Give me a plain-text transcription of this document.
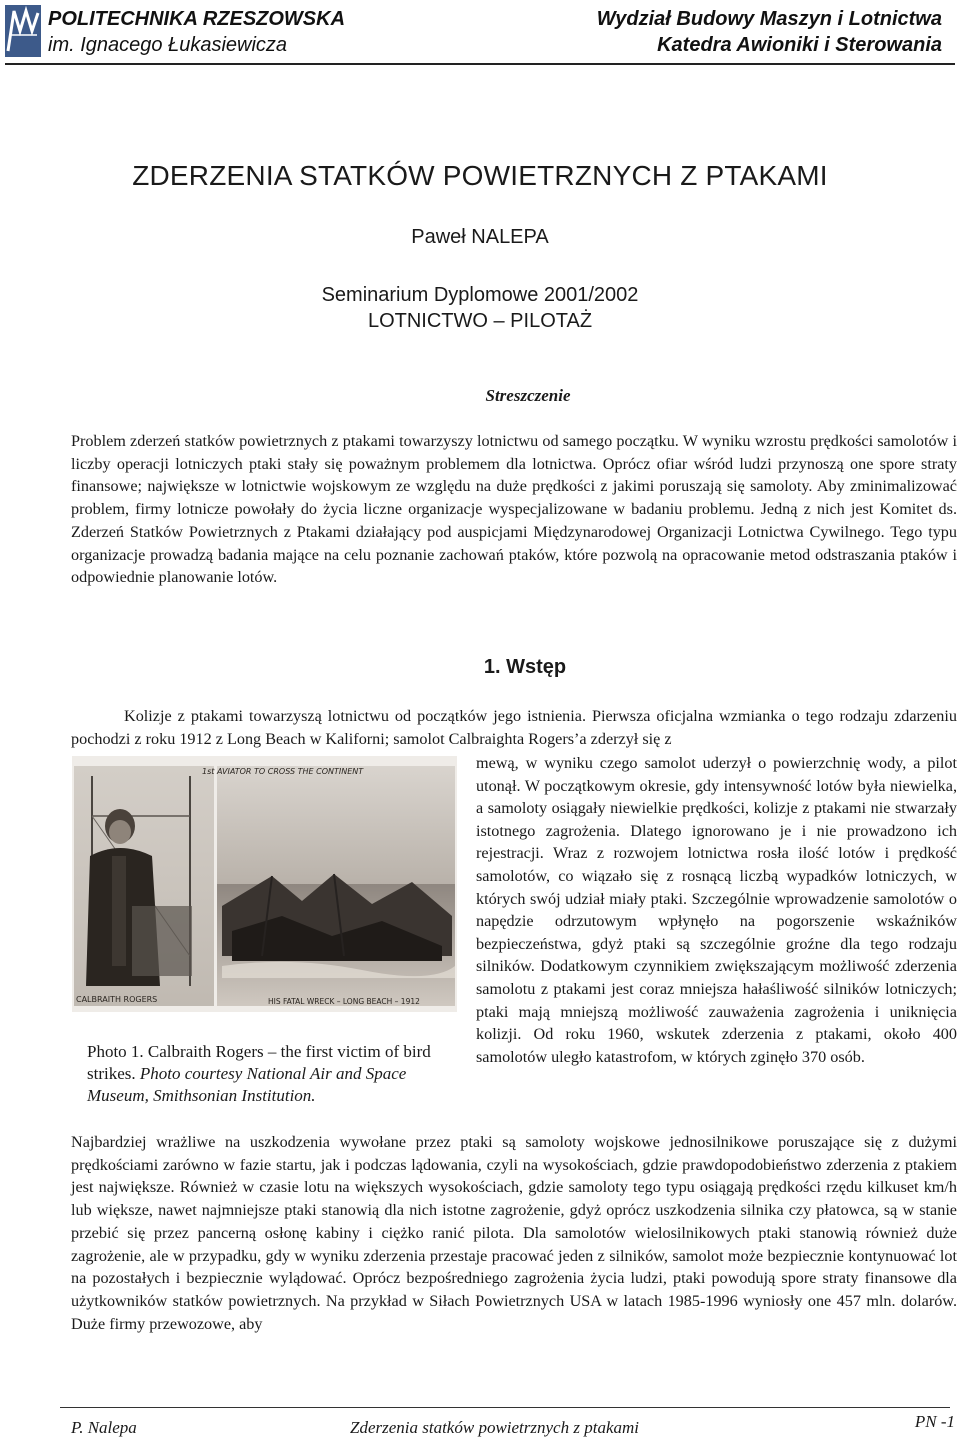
POLITECHNIKA RZESZOWSKA
im. Ignacego Łukasiewicza
Wydział Budowy Maszyn i Lotnictwa
Katedra Awioniki i Sterowania
ZDERZENIA STATKÓW POWIETRZNYCH Z PTAKAMI
Paweł NALEPA
Seminarium Dyplomowe 2001/2002
LOTNICTWO – PILOTAŻ
Streszczenie
Problem zderzeń statków powietrznych z ptakami towarzyszy lotnictwu od samego początku. W wyniku wzrostu prędkości samolotów i liczby operacji lotniczych ptaki stały się poważnym problemem dla lotnictwa. Oprócz ofiar wśród ludzi przynoszą one spore straty finansowe; największe w lotnictwie wojskowym ze względu na duże prędkości z jakimi poruszają się samoloty. Aby zminimalizować problem, firmy lotnicze powołały do życia liczne organizacje wyspecjalizowane w badaniu problemu. Jedną z nich jest Komitet ds. Zderzeń Statków Powietrznych z Ptakami działający pod auspicjami Międzynarodowej Organizacji Lotnictwa Cywilnego. Tego typu organizacje prowadzą badania mające na celu poznanie zachowań ptaków, które pozwolą na opracowanie metod odstraszania ptaków i odpowiednie planowanie lotów.
1. Wstęp
Kolizje z ptakami towarzyszą lotnictwu od początków jego istnienia. Pierwsza oficjalna wzmianka o tego rodzaju zdarzeniu pochodzi z roku 1912 z Long Beach w Kaliforni; samolot Calbraighta Rogers’a zderzył się z
1st AVIATOR TO CROSS THE CONTINENT
CALBRAITH ROGERS	HIS FATAL WRECK – LONG BEACH – 1912
Photo 1. Calbraith Rogers – the first victim of bird strikes. Photo courtesy National Air and Space Museum, Smithsonian Institution.
mewą, w wyniku czego samolot uderzył o powierzchnię wody, a pilot utonął. W początkowym okresie, gdy intensywność lotów była niewielka, a samoloty osiągały niewielkie prędkości, kolizje z ptakami nie stwarzały istotnego zagrożenia. Dlatego ignorowano je i nie prowadzono ich rejestracji. Wraz z rozwojem lotnictwa rosła ilość lotów i prędkość samolotów, co wiązało się z rosnącą liczbą wypadków lotniczych, w których swój udział miały ptaki. Szczególnie wprowadzenie samolotów o napędzie odrzutowym wpłynęło na pogorszenie wskaźników bezpieczeństwa, gdyż ptaki są szczególnie groźne dla tego rodzaju silników. Dodatkowym czynnikiem zwiększającym możliwość zderzenia samolotu z ptakami jest coraz mniejsza hałaśliwość silników lotniczych; ptaki mają mniejszą możliwość zauważenia zagrożenia i uniknięcia kolizji. Od roku 1960, wskutek zderzenia z ptakami, około 400 samolotów uległo katastrofom, w których zginęło 370 osób.
Najbardziej wrażliwe na uszkodzenia wywołane przez ptaki są samoloty wojskowe jednosilnikowe poruszające się z dużymi prędkościami zarówno w fazie startu, jak i podczas lądowania, czyli na wysokościach, gdzie prawdopodobieństwo zderzenia z ptakiem jest największe. Również w czasie lotu na większych wysokościach, gdzie samoloty tego typu osiągają prędkości rzędu kilkuset km/h lub większe, nawet najmniejsze ptaki stanowią dla nich istotne zagrożenie, gdyż oprócz uszkodzenia silnika czy płatowca, są w stanie przebić się przez pancerną osłonę kabiny i ciężko ranić pilota. Dla samolotów wielosilnikowych ptaki stanowią również duże zagrożenie, ale w przypadku, gdy w wyniku zderzenia przestaje pracować jeden z silników, samolot może bezpiecznie kontynuować lot na pozostałych i bezpiecznie wylądować. Oprócz bezpośredniego zagrożenia życia ludzi, ptaki powodują spore straty finansowe dla użytkowników statków powietrznych. Na przykład w Siłach Powietrznych USA w latach 1985-1996 wyniosły one 457 mln. dolarów. Duże firmy przewozowe, aby
P. Nalepa	Zderzenia statków powietrznych z ptakami	PN -1
